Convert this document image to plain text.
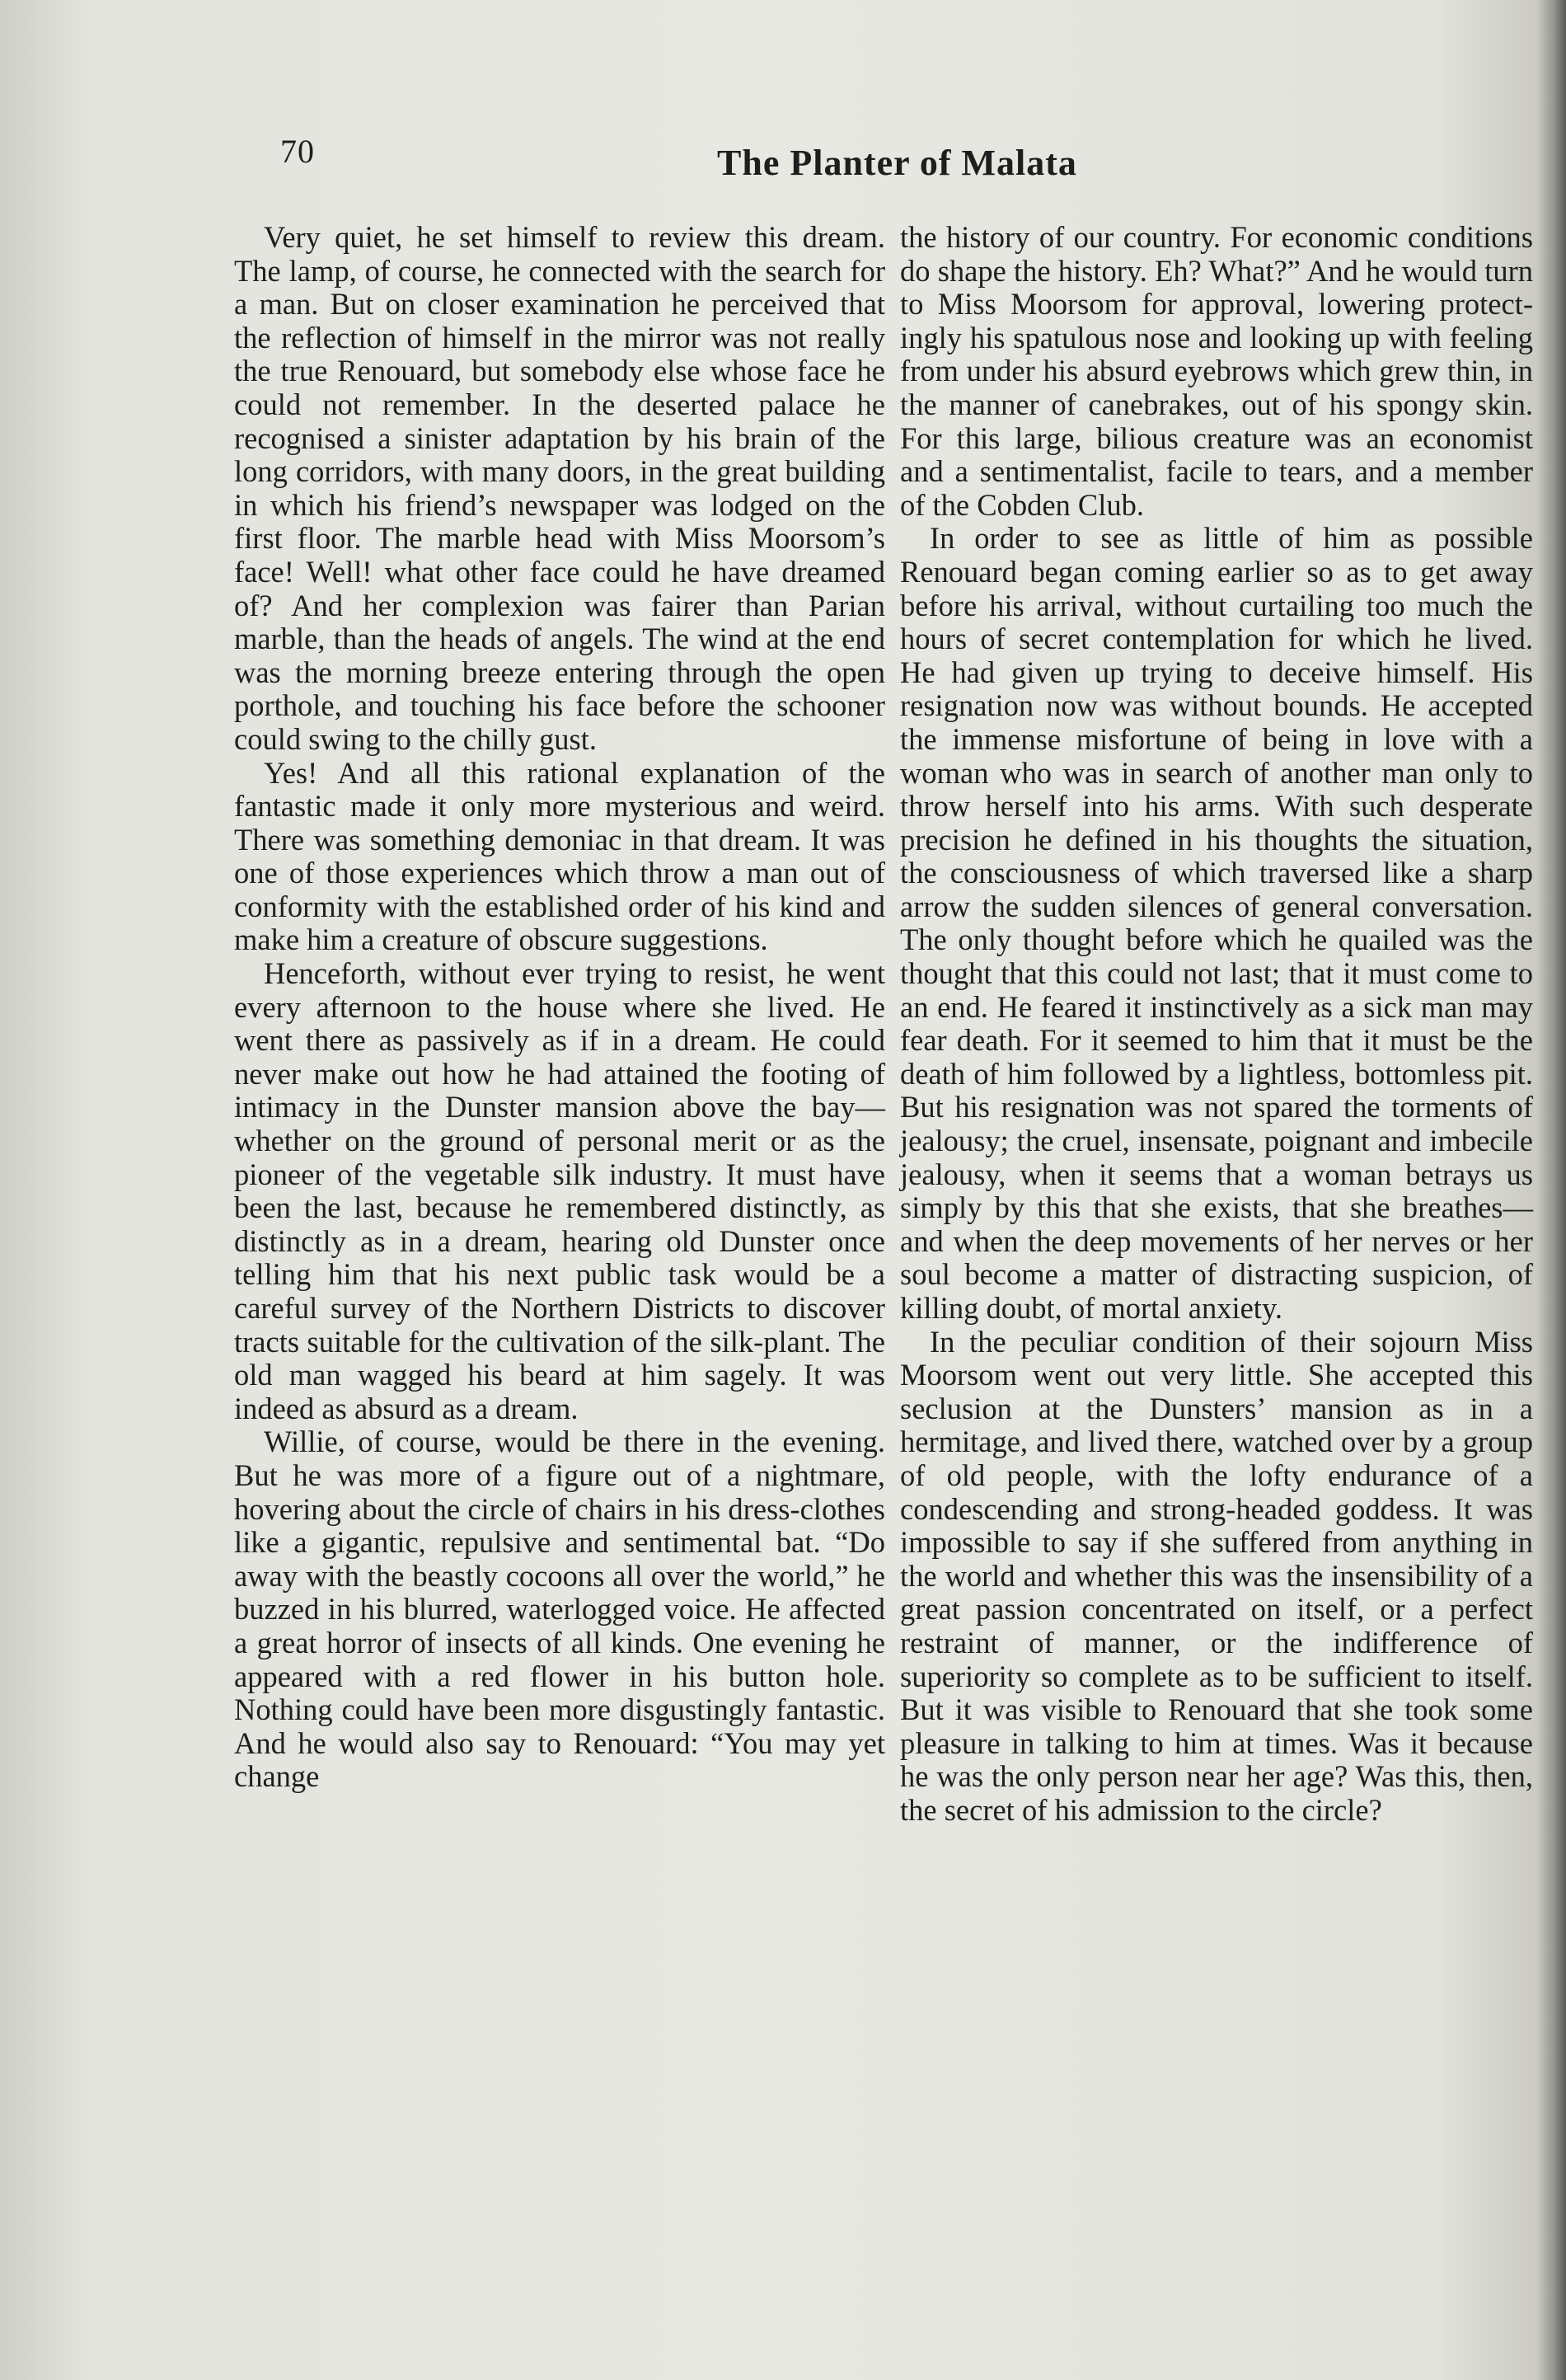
70	The Planter of Malata

Very quiet, he set himself to review this dream. The lamp, of course, he connected with the search for a man. But on closer examination he perceived that the reflection of himself in the mirror was not really the true Renouard, but somebody else whose face he could not remember. In the deserted palace he recognised a sinister adaptation by his brain of the long corridors, with many doors, in the great building in which his friend’s newspaper was lodged on the first floor. The marble head with Miss Moorsom’s face! Well! what other face could he have dreamed of? And her complexion was fairer than Parian marble, than the heads of angels. The wind at the end was the morning breeze entering through the open porthole, and touching his face before the schooner could swing to the chilly gust.

Yes! And all this rational explanation of the fantastic made it only more mysterious and weird. There was something demoniac in that dream. It was one of those experiences which throw a man out of conformity with the established order of his kind and make him a creature of obscure suggestions.

Henceforth, without ever trying to resist, he went every afternoon to the house where she lived. He went there as passively as if in a dream. He could never make out how he had attained the footing of intimacy in the Dunster mansion above the bay—whether on the ground of personal merit or as the pioneer of the vegetable silk industry. It must have been the last, because he remembered distinctly, as distinctly as in a dream, hearing old Dunster once telling him that his next public task would be a careful survey of the Northern Districts to discover tracts suitable for the cultivation of the silk-plant. The old man wagged his beard at him sagely. It was indeed as absurd as a dream.

Willie, of course, would be there in the evening. But he was more of a figure out of a nightmare, hovering about the circle of chairs in his dress-clothes like a gigantic, repulsive and sentimental bat. “Do away with the beastly cocoons all over the world,” he buzzed in his blurred, waterlogged voice. He affected a great horror of insects of all kinds. One evening he appeared with a red flower in his button hole. Nothing could have been more disgustingly fantastic. And he would also say to Renouard: “You may yet change

the history of our country. For economic conditions do shape the history. Eh? What?” And he would turn to Miss Moorsom for approval, lowering protectingly his spatulous nose and looking up with feeling from under his absurd eyebrows which grew thin, in the manner of canebrakes, out of his spongy skin. For this large, bilious creature was an economist and a sentimentalist, facile to tears, and a member of the Cobden Club.

In order to see as little of him as possible Renouard began coming earlier so as to get away before his arrival, without curtailing too much the hours of secret contemplation for which he lived. He had given up trying to deceive himself. His resignation now was without bounds. He accepted the immense misfortune of being in love with a woman who was in search of another man only to throw herself into his arms. With such desperate precision he defined in his thoughts the situation, the consciousness of which traversed like a sharp arrow the sudden silences of general conversation. The only thought before which he quailed was the thought that this could not last; that it must come to an end. He feared it instinctively as a sick man may fear death. For it seemed to him that it must be the death of him followed by a lightless, bottomless pit. But his resignation was not spared the torments of jealousy; the cruel, insensate, poignant and imbecile jealousy, when it seems that a woman betrays us simply by this that she exists, that she breathes—and when the deep movements of her nerves or her soul become a matter of distracting suspicion, of killing doubt, of mortal anxiety.

In the peculiar condition of their sojourn Miss Moorsom went out very little. She accepted this seclusion at the Dunsters’ mansion as in a hermitage, and lived there, watched over by a group of old people, with the lofty endurance of a condescending and strong-headed goddess. It was impossible to say if she suffered from anything in the world and whether this was the insensibility of a great passion concentrated on itself, or a perfect restraint of manner, or the indifference of superiority so complete as to be sufficient to itself. But it was visible to Renouard that she took some pleasure in talking to him at times. Was it because he was the only person near her age? Was this, then, the secret of his admission to the circle?
